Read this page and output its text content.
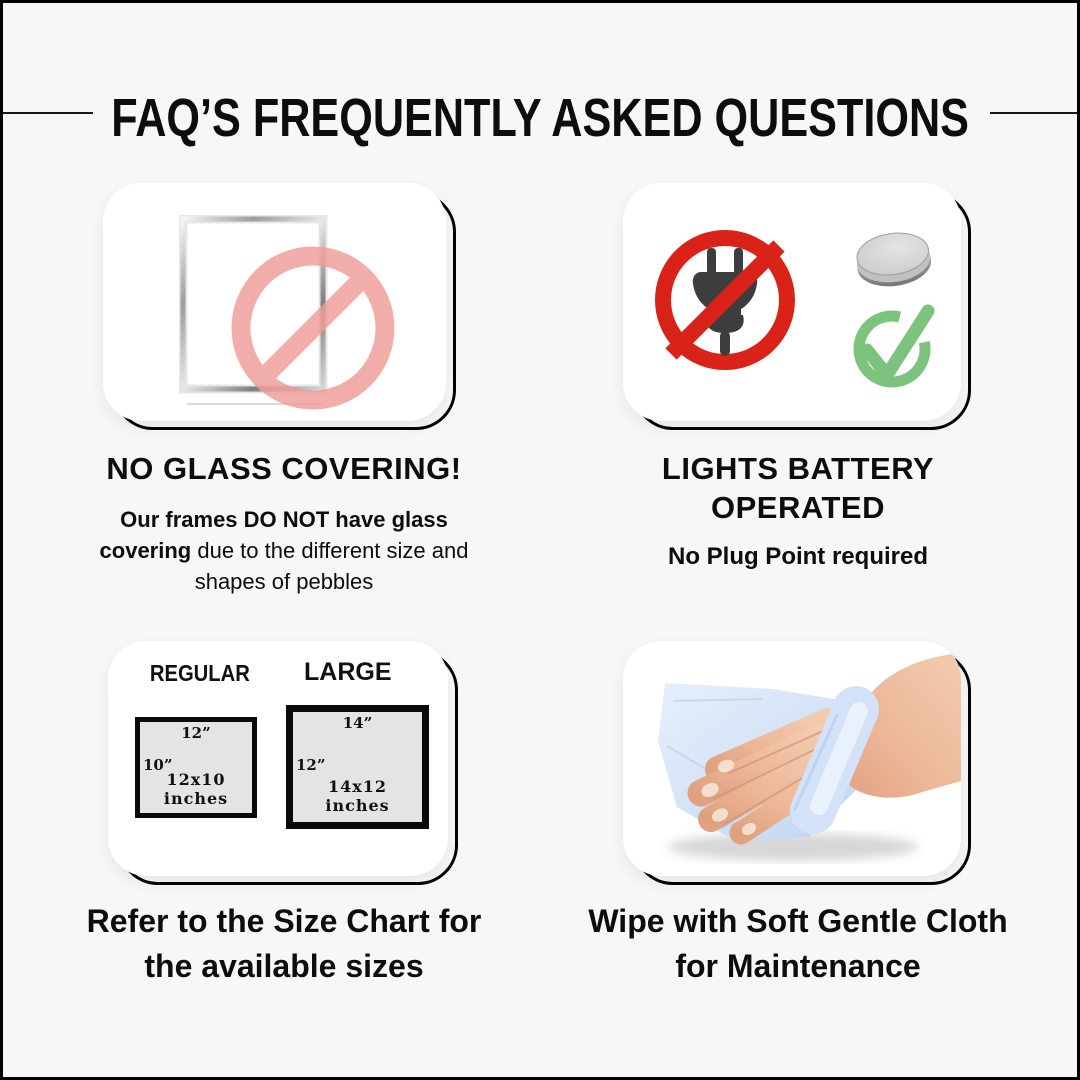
FAQ’S FREQUENTLY ASKED QUESTIONS
NO GLASS COVERING!
Our frames DO NOT have glass
covering due to the different size and
shapes of pebbles
LIGHTS BATTERY OPERATED
No Plug Point required
REGULAR LARGE
12”
10”
12x10 inches
14”
12”
14x12 inches
Refer to the Size Chart for the available sizes
Wipe with Soft Gentle Cloth for Maintenance
